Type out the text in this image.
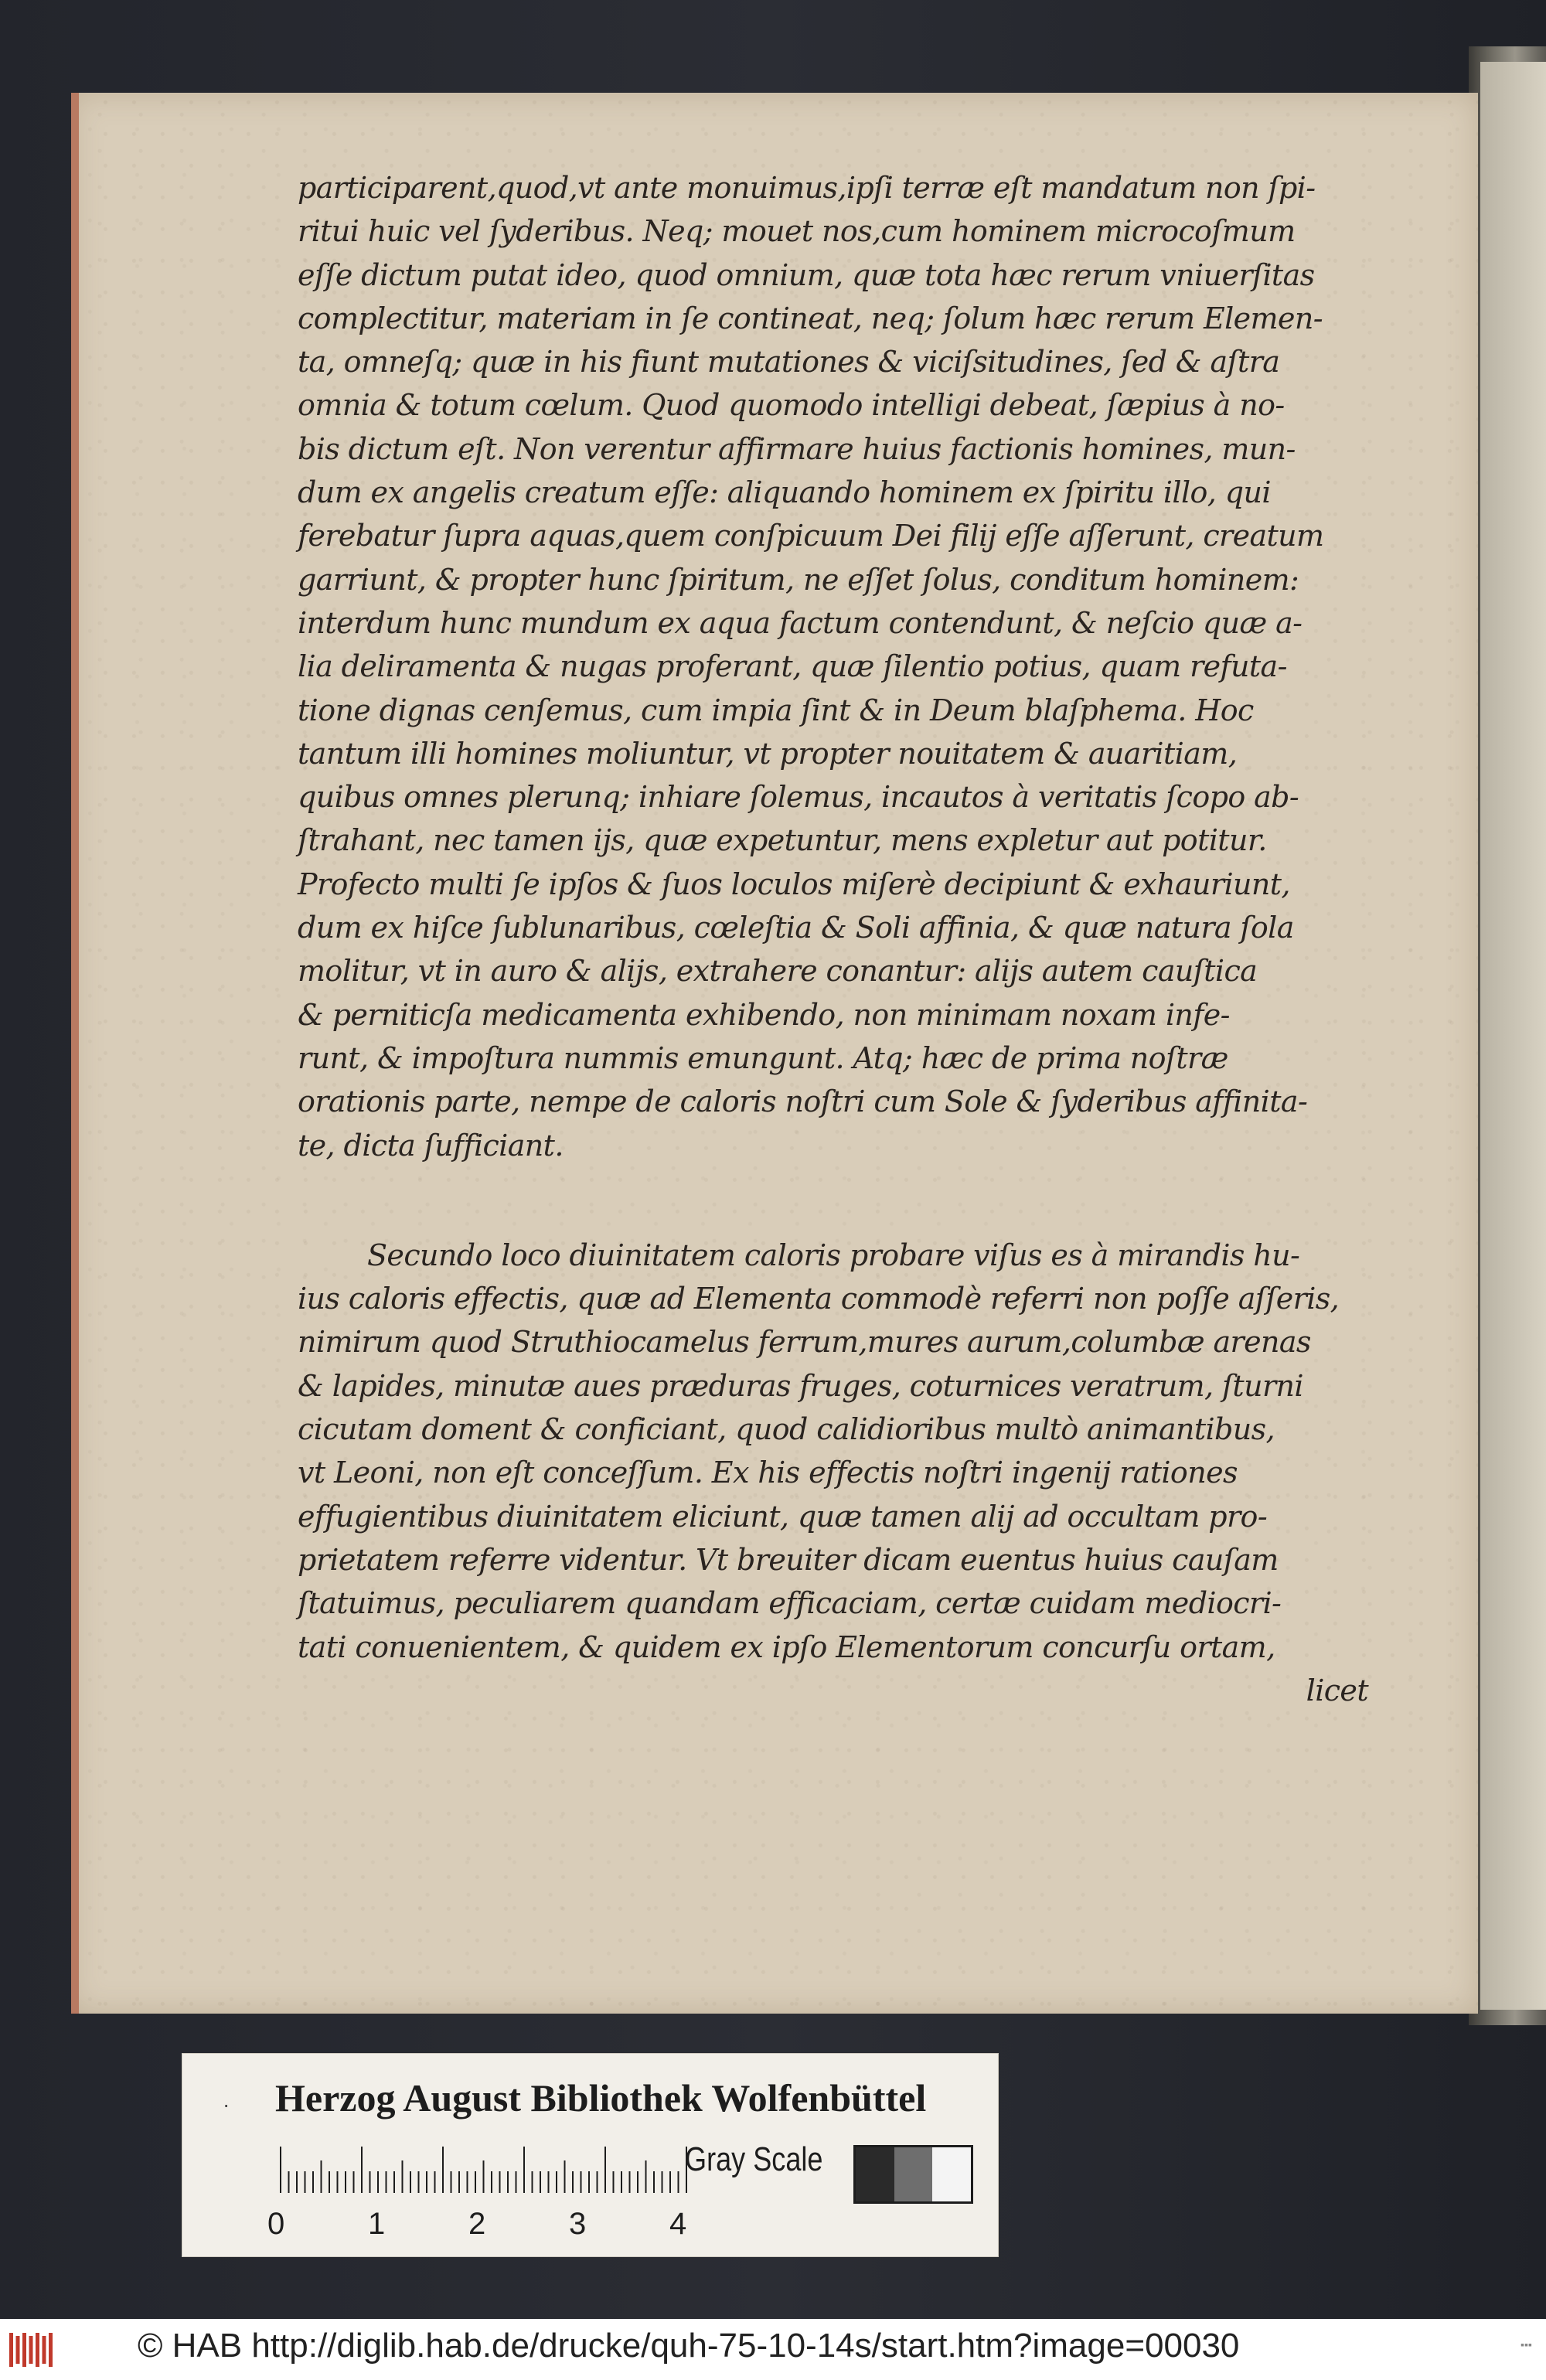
participarent,quod,vt ante monuimus,ipſi terræ eſt mandatum non ſpi-
ritui huic vel ſyderibus. Neq; mouet nos,cum hominem microcoſmum
eſſe dictum putat ideo, quod omnium, quæ tota hæc rerum vniuerſitas
complectitur, materiam in ſe contineat, neq; ſolum hæc rerum Elemen-
ta, omneſq; quæ in his fiunt mutationes & viciſsitudines, ſed & aſtra
omnia & totum cœlum. Quod quomodo intelligi debeat, ſæpius à no-
bis dictum eſt. Non verentur affirmare huius factionis homines, mun-
dum ex angelis creatum eſſe: aliquando hominem ex ſpiritu illo, qui
ferebatur ſupra aquas,quem conſpicuum Dei filij eſſe aſſerunt, creatum
garriunt, & propter hunc ſpiritum, ne eſſet ſolus, conditum hominem:
interdum hunc mundum ex aqua factum contendunt, & neſcio quæ a-
lia deliramenta & nugas proferant, quæ ſilentio potius, quam refuta-
tione dignas cenſemus, cum impia ſint & in Deum blaſphema. Hoc
tantum illi homines moliuntur, vt propter nouitatem & auaritiam,
quibus omnes plerunq; inhiare ſolemus, incautos à veritatis ſcopo ab-
ſtrahant, nec tamen ijs, quæ expetuntur, mens expletur aut potitur.
Profecto multi ſe ipſos & ſuos loculos miſerè decipiunt & exhauriunt,
dum ex hiſce ſublunaribus, cœleſtia & Soli affinia, & quæ natura ſola
molitur, vt in auro & alijs, extrahere conantur: alijs autem cauſtica
& perniticſa medicamenta exhibendo, non minimam noxam infe-
runt, & impoſtura nummis emungunt. Atq; hæc de prima noſtræ
orationis parte, nempe de caloris noſtri cum Sole & ſyderibus affinita-
te, dicta ſufficiant.
Secundo loco diuinitatem caloris probare viſus es à mirandis hu-
ius caloris effectis, quæ ad Elementa commodè referri non poſſe aſſeris,
nimirum quod Struthiocamelus ferrum,mures aurum,columbæ arenas
& lapides, minutæ aues præduras fruges, coturnices veratrum, ſturni
cicutam doment & conficiant, quod calidioribus multò animantibus,
vt Leoni, non eſt conceſſum. Ex his effectis noſtri ingenij rationes
effugientibus diuinitatem eliciunt, quæ tamen alij ad occultam pro-
prietatem referre videntur. Vt breuiter dicam euentus huius cauſam
ſtatuimus, peculiarem quandam efficaciam, certæ cuidam mediocri-
tati conuenientem, & quidem ex ipſo Elementorum concurſu ortam,
licet
· Herzog August Bibliothek Wolfenbüttel
0	1	2	3	4
Gray Scale
© HAB http://diglib.hab.de/drucke/quh-75-10-14s/start.htm?image=00030	▪▪▪
